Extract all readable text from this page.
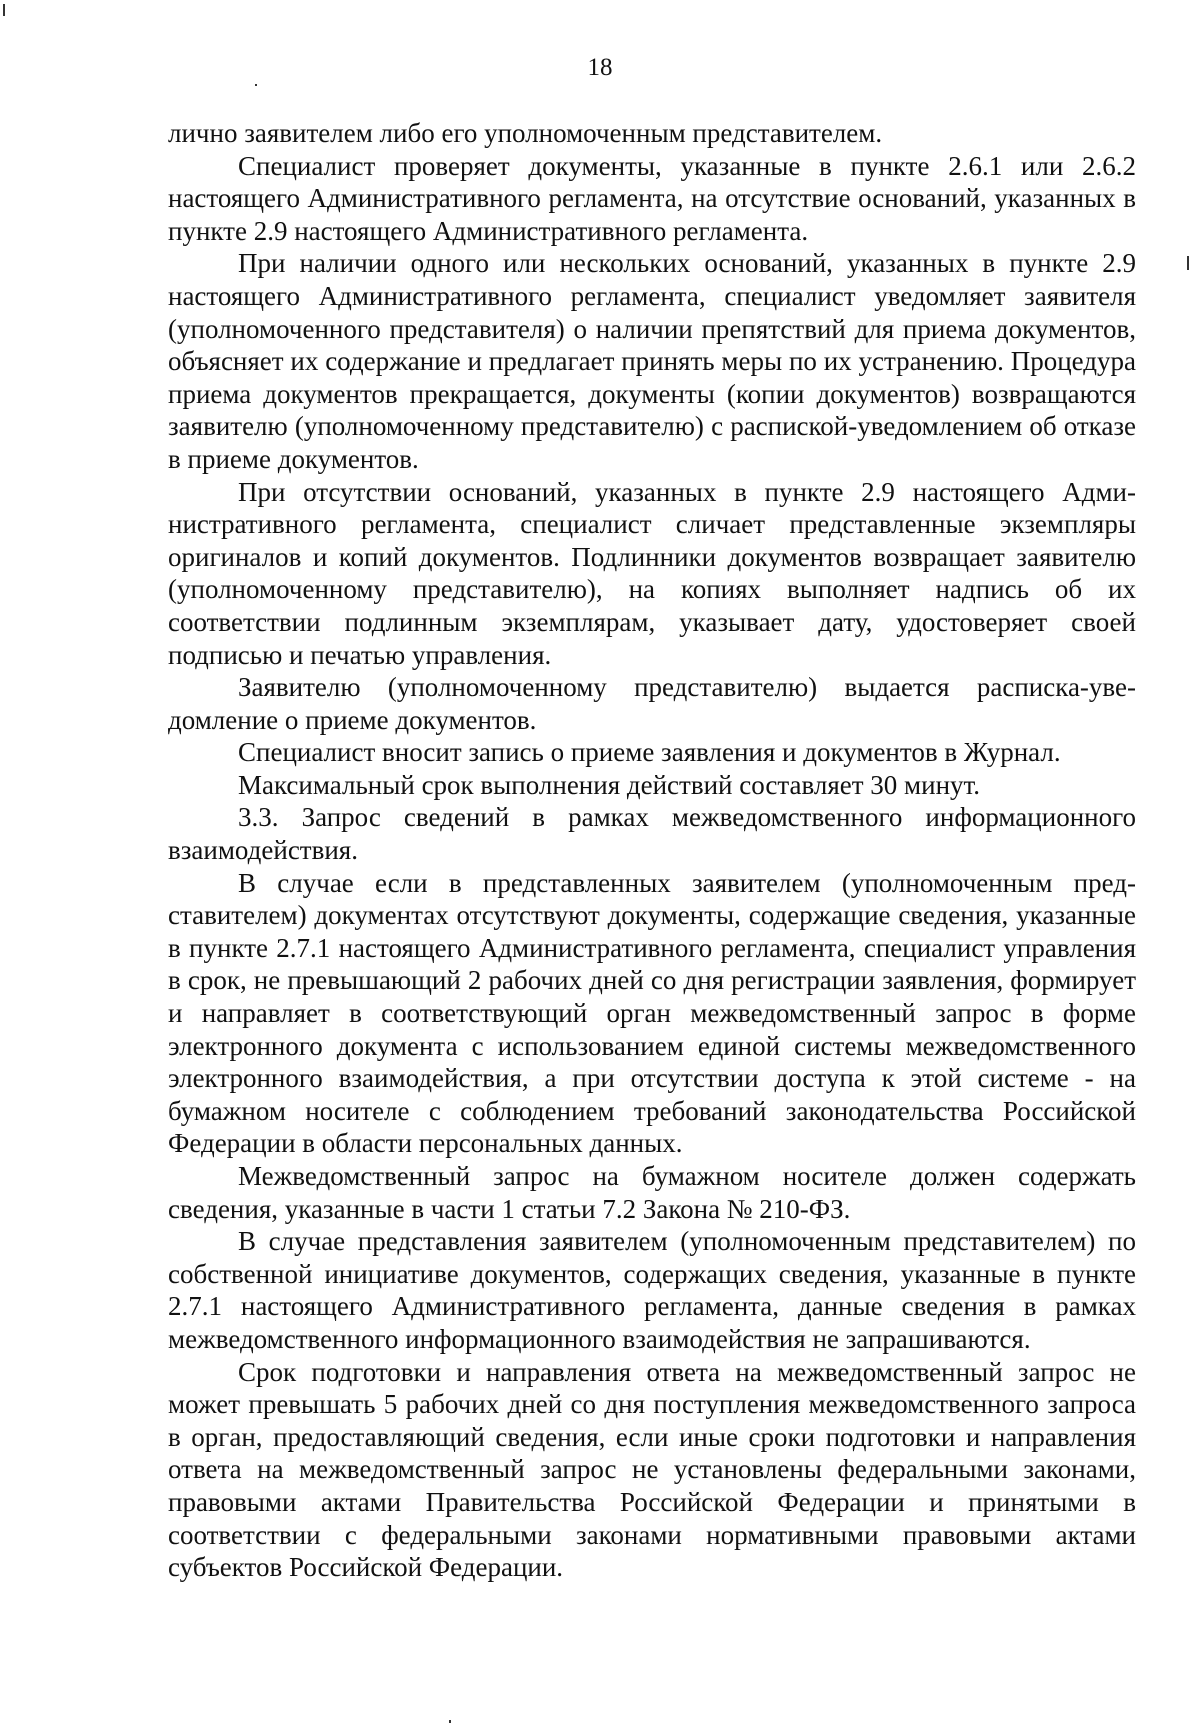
18

лично заявителем либо его уполномоченным представителем.

Специалист проверяет документы, указанные в пункте 2.6.1 или 2.6.2 настоящего Административного регламента, на отсутствие оснований, указанных в пункте 2.9 настоящего Административного регламента.

При наличии одного или нескольких оснований, указанных в пункте 2.9 настоящего Административного регламента, специалист уведомляет заявителя (уполномоченного представителя) о наличии препятствий для приема документов, объясняет их содержание и предлагает принять меры по их устранению. Процедура приема документов прекращается, документы (копии документов) возвращаются заявителю (уполномоченному представителю) с распиской-уведомлением об отказе в приеме документов.

При отсутствии оснований, указанных в пункте 2.9 настоящего Административного регламента, специалист сличает представленные экземпляры оригиналов и копий документов. Подлинники документов возвращает заявителю (уполномоченному представителю), на копиях выполняет надпись об их соответствии подлинным экземплярам, указывает дату, удостоверяет своей подписью и печатью управления.

Заявителю (уполномоченному представителю) выдается расписка-уведомление о приеме документов.

Специалист вносит запись о приеме заявления и документов в Журнал.

Максимальный срок выполнения действий составляет 30 минут.

3.3. Запрос сведений в рамках межведомственного информационного взаимодействия.

В случае если в представленных заявителем (уполномоченным представителем) документах отсутствуют документы, содержащие сведения, указанные в пункте 2.7.1 настоящего Административного регламента, специалист управления в срок, не превышающий 2 рабочих дней со дня регистрации заявления, формирует и направляет в соответствующий орган межведомственный запрос в форме электронного документа с использованием единой системы межведомственного электронного взаимодействия, а при отсутствии доступа к этой системе - на бумажном носителе с соблюдением требований законодательства Российской Федерации в области персональных данных.

Межведомственный запрос на бумажном носителе должен содержать сведения, указанные в части 1 статьи 7.2 Закона № 210-ФЗ.

В случае представления заявителем (уполномоченным представителем) по собственной инициативе документов, содержащих сведения, указанные в пункте 2.7.1 настоящего Административного регламента, данные сведения в рамках межведомственного информационного взаимодействия не запрашиваются.

Срок подготовки и направления ответа на межведомственный запрос не может превышать 5 рабочих дней со дня поступления межведомственного запроса в орган, предоставляющий сведения, если иные сроки подготовки и направления ответа на межведомственный запрос не установлены федеральными законами, правовыми актами Правительства Российской Федерации и принятыми в соответствии с федеральными законами нормативными правовыми актами субъектов Российской Федерации.
